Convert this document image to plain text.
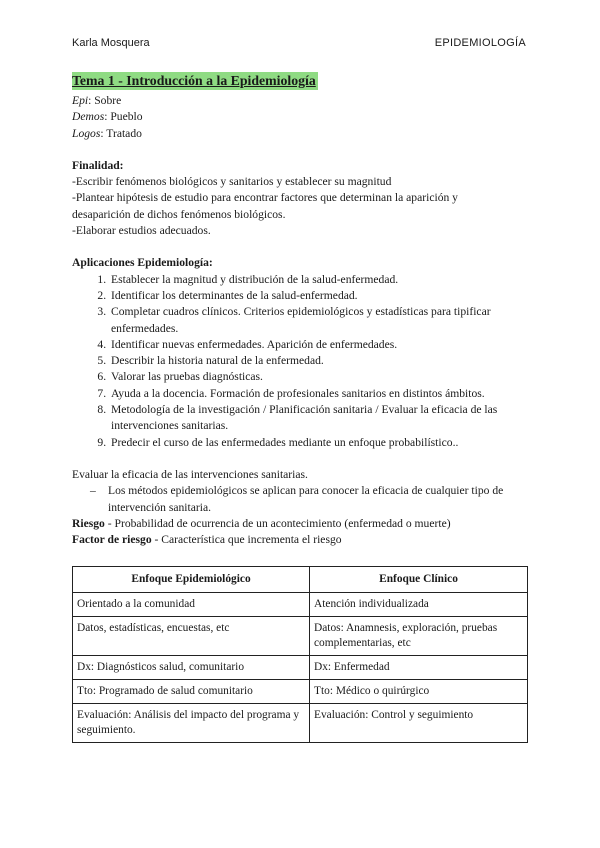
Karla Mosquera	EPIDEMIOLOGÍA
Tema 1 - Introducción a la Epidemiología
Epi: Sobre
Demos: Pueblo
Logos: Tratado
Finalidad:
-Escribir fenómenos biológicos y sanitarios y establecer su magnitud
-Plantear hipótesis de estudio para encontrar factores que determinan la aparición y
desaparición de dichos fenómenos biológicos.
-Elaborar estudios adecuados.
Aplicaciones Epidemiología:
1. Establecer la magnitud y distribución de la salud-enfermedad.
2. Identificar los determinantes de la salud-enfermedad.
3. Completar cuadros clínicos. Criterios epidemiológicos y estadísticas para tipificar enfermedades.
4. Identificar nuevas enfermedades. Aparición de enfermedades.
5. Describir la historia natural de la enfermedad.
6. Valorar las pruebas diagnósticas.
7. Ayuda a la docencia. Formación de profesionales sanitarios en distintos ámbitos.
8. Metodología de la investigación / Planificación sanitaria / Evaluar la eficacia de las intervenciones sanitarias.
9. Predecir el curso de las enfermedades mediante un enfoque probabilístico..
Evaluar la eficacia de las intervenciones sanitarias.
– Los métodos epidemiológicos se aplican para conocer la eficacia de cualquier tipo de intervención sanitaria.
Riesgo - Probabilidad de ocurrencia de un acontecimiento (enfermedad o muerte)
Factor de riesgo - Característica que incrementa el riesgo
Enfoque Epidemiológico	Enfoque Clínico
Orientado a la comunidad	Atención individualizada
Datos, estadísticas, encuestas, etc	Datos: Anamnesis, exploración, pruebas complementarias, etc
Dx: Diagnósticos salud, comunitario	Dx: Enfermedad
Tto: Programado de salud comunitario	Tto: Médico o quirúrgico
Evaluación: Análisis del impacto del programa y seguimiento.	Evaluación: Control y seguimiento
